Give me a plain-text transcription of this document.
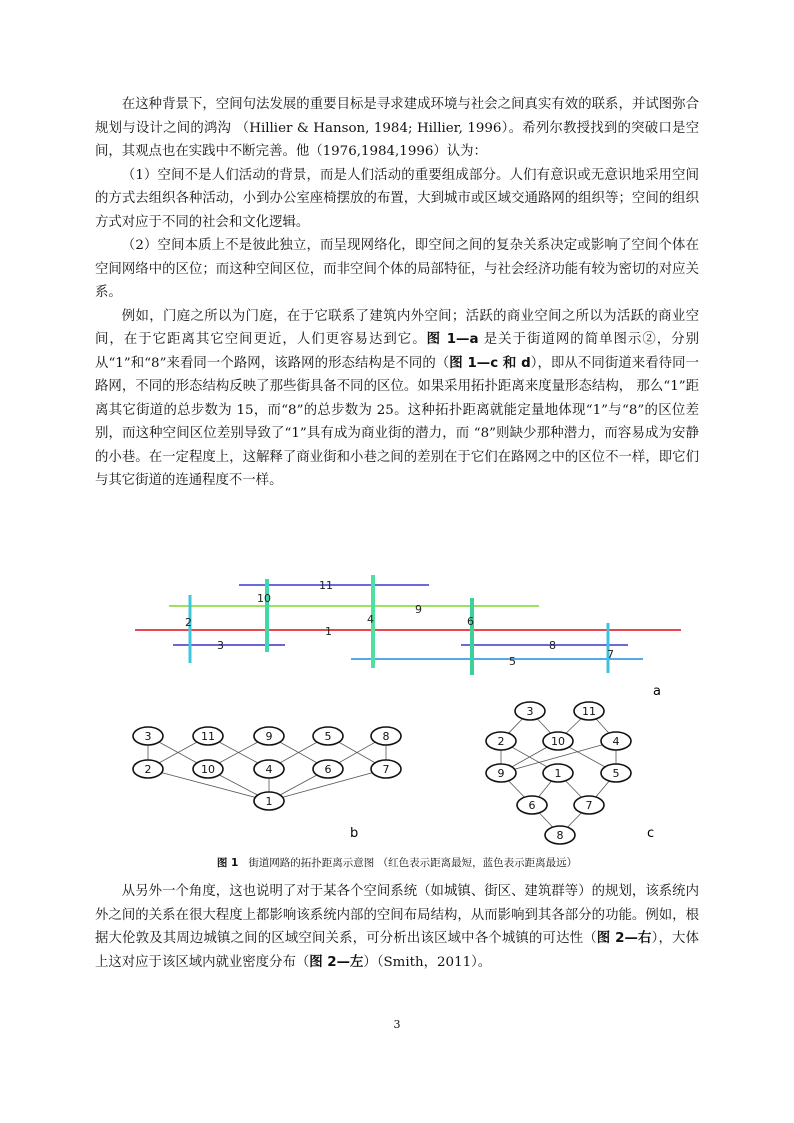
在这种背景下，空间句法发展的重要目标是寻求建成环境与社会之间真实有效的联系，并试图弥合规划与设计之间的鸿沟 （Hillier & Hanson, 1984; Hillier, 1996）。希列尔教授找到的突破口是空间，其观点也在实践中不断完善。他（1976,1984,1996）认为：

（1）空间不是人们活动的背景，而是人们活动的重要组成部分。人们有意识或无意识地采用空间的方式去组织各种活动，小到办公室座椅摆放的布置，大到城市或区域交通路网的组织等；空间的组织方式对应于不同的社会和文化逻辑。

（2）空间本质上不是彼此独立，而呈现网络化，即空间之间的复杂关系决定或影响了空间个体在空间网络中的区位；而这种空间区位，而非空间个体的局部特征，与社会经济功能有较为密切的对应关系。

例如，门庭之所以为门庭，在于它联系了建筑内外空间；活跃的商业空间之所以为活跃的商业空间，在于它距离其它空间更近，人们更容易达到它。图 1—a 是关于街道网的简单图示②，分别从“1”和“8”来看同一个路网，该路网的形态结构是不同的（图 1—c 和 d），即从不同街道来看待同一路网，不同的形态结构反映了那些街具备不同的区位。如果采用拓扑距离来度量形态结构， 那么“1”距离其它街道的总步数为 15，而“8”的总步数为 25。这种拓扑距离就能定量地体现“1”与“8”的区位差别，而这种空间区位差别导致了“1”具有成为商业街的潜力，而 “8”则缺少那种潜力，而容易成为安静的小巷。在一定程度上，这解释了商业街和小巷之间的差别在于它们在路网之中的区位不一样，即它们与其它街道的连通程度不一样。

11
9
1
3	8
5
2
10
4	6
7
a
3	11	9	5	8
2	10	4	6	7
1
b
3	11
2	10	4
9	1	5
6	7
8	c
图 1 街道网路的拓扑距离示意图 （红色表示距离最短，蓝色表示距离最远）

从另外一个角度，这也说明了对于某各个空间系统（如城镇、街区、建筑群等）的规划，该系统内外之间的关系在很大程度上都影响该系统内部的空间布局结构，从而影响到其各部分的功能。例如，根据大伦敦及其周边城镇之间的区域空间关系，可分析出该区域中各个城镇的可达性（图 2—右），大体上这对应于该区域内就业密度分布（图 2—左）（Smith，2011）。

3
